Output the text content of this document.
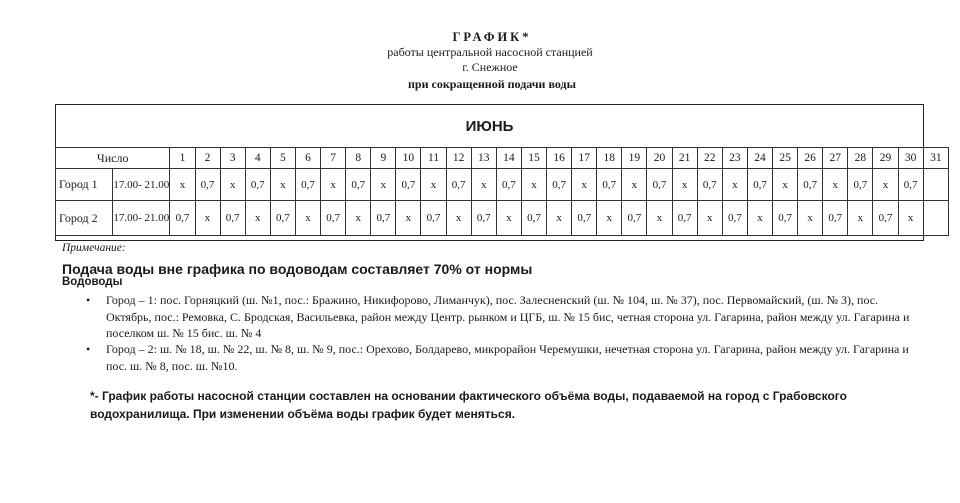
ГРАФИК*
работы центральной насосной станцией
г. Снежное
при сокращенной подачи воды
ИЮНЬ
Число		1	2	3	4	5	6	7	8	9	10	11	12	13	14	15	16	17	18	19	20	21	22	23	24	25	26	27	28	29	30	31
Город 1	17.00- 21.00	х	0,7	х	0,7	х	0,7	х	0,7	х	0,7	х	0,7	х	0,7	х	0,7	х	0,7	х	0,7	х	0,7	х	0,7	х	0,7	х	0,7	х	0,7	
Город 2	17.00- 21.00	0,7	х	0,7	х	0,7	х	0,7	х	0,7	х	0,7	х	0,7	х	0,7	х	0,7	х	0,7	х	0,7	х	0,7	х	0,7	х	0,7	х	0,7	х	
Примечание:
Подача воды вне графика по водоводам составляет 70% от нормы
Водоводы
• Город – 1: пос. Горняцкий (ш. №1, пос.: Бражино, Никифорово, Лиманчук), пос. Залесненский (ш. № 104, ш. № 37), пос. Первомайский, (ш. № 3), пос. Октябрь, пос.: Ремовка, С. Бродская, Васильевка, район между Центр. рынком и ЦГБ, ш. № 15 бис, четная сторона ул. Гагарина, район между ул. Гагарина и поселком ш. № 15 бис. ш. № 4
• Город – 2: ш. № 18, ш. № 22, ш. № 8, ш. № 9, пос.: Орехово, Болдарево, микрорайон Черемушки, нечетная сторона ул. Гагарина, район между ул. Гагарина и пос. ш. № 8, пос. ш. №10.
*- График работы насосной станции составлен на основании фактического объёма воды, подаваемой на город с Грабовского водохранилища. При изменении объёма воды график будет меняться.
